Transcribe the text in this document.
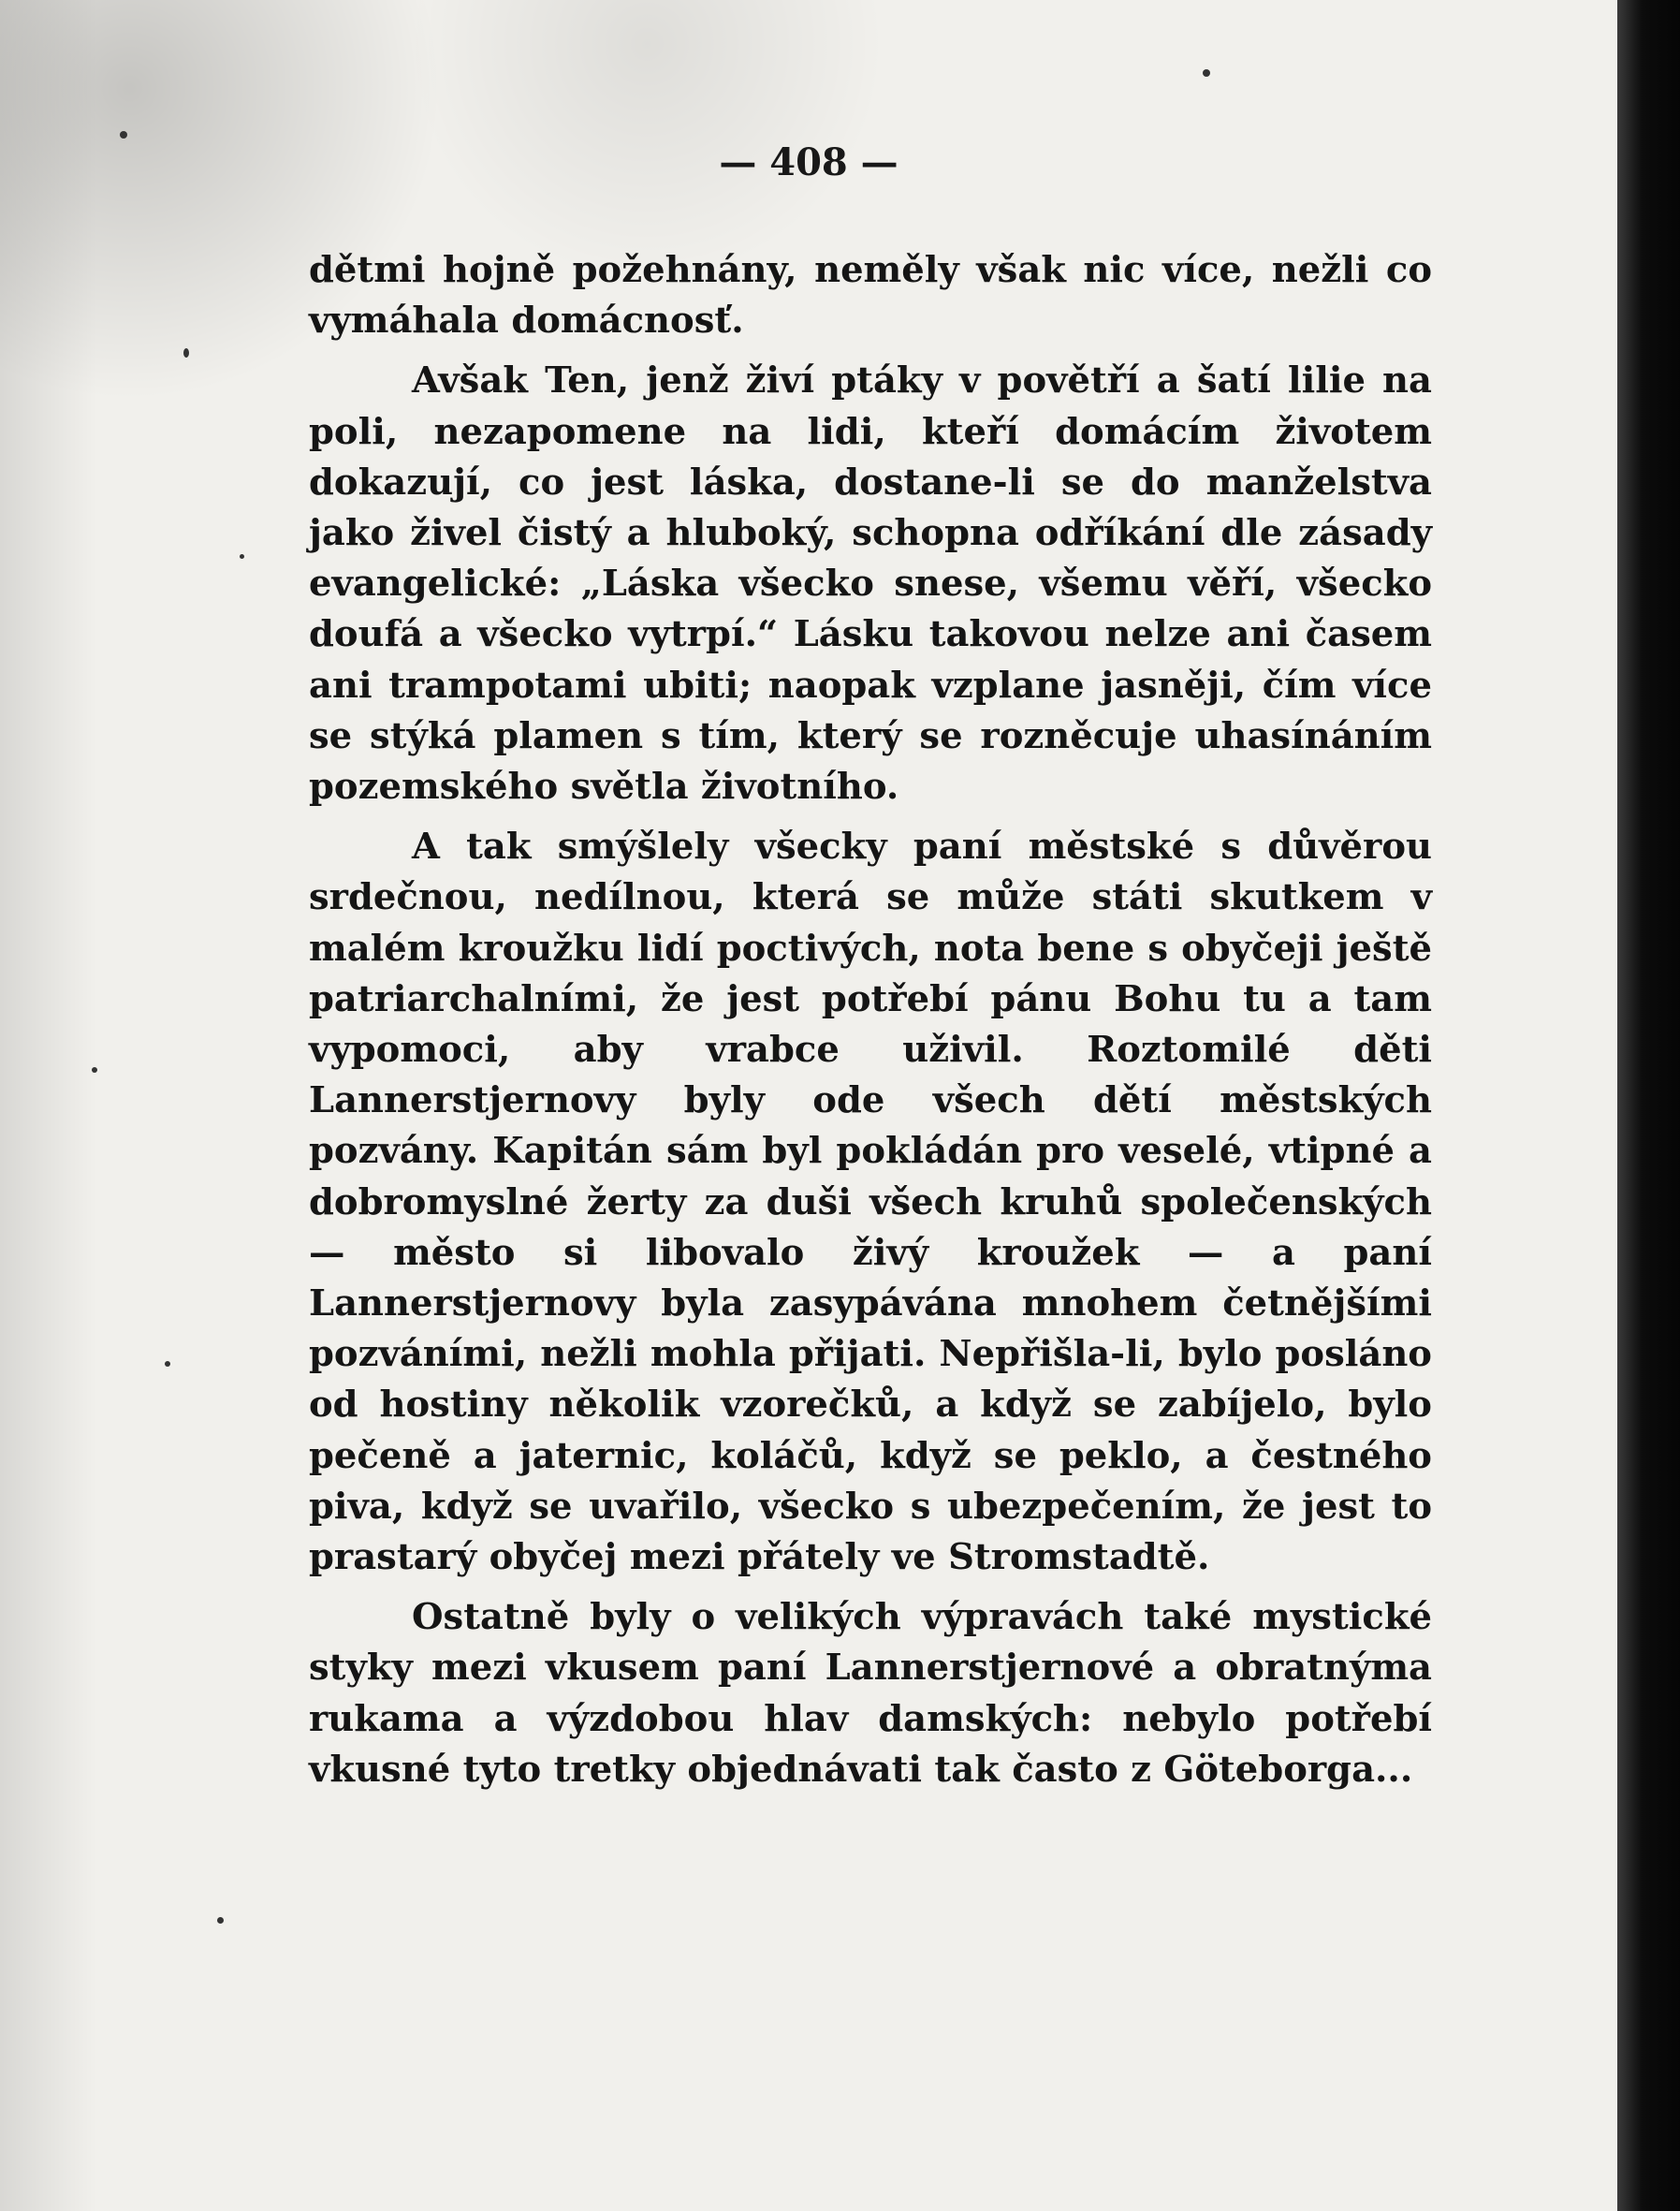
— 408 —

dětmi hojně požehnány, neměly však nic více, nežli co vymáhala domácnosť.

Avšak Ten, jenž živí ptáky v povětří a šatí lilie na poli, nezapomene na lidi, kteří domácím životem dokazují, co jest láska, dostane-li se do manželstva jako živel čistý a hluboký, schopna odříkání dle zásady evangelické: „Láska všecko snese, všemu věří, všecko doufá a všecko vytrpí.“ Lásku takovou nelze ani časem ani trampotami ubiti; naopak vzplane jasněji, čím více se stýká plamen s tím, který se rozněcuje uhasínáním pozemského světla životního.

A tak smýšlely všecky paní městské s důvěrou srdečnou, nedílnou, která se může státi skutkem v malém kroužku lidí poctivých, nota bene s obyčeji ještě patriarchalními, že jest potřebí pánu Bohu tu a tam vypomoci, aby vrabce uživil. Roztomilé děti Lannerstjernovy byly ode všech dětí městských pozvány. Kapitán sám byl pokládán pro veselé, vtipné a dobromyslné žerty za duši všech kruhů společenských — město si libovalo živý kroužek — a paní Lannerstjernovy byla zasypávána mnohem četnějšími pozváními, nežli mohla přijati. Nepřišla-li, bylo posláno od hostiny několik vzorečků, a když se zabíjelo, bylo pečeně a jaternic, koláčů, když se peklo, a čestného piva, když se uvařilo, všecko s ubezpečením, že jest to prastarý obyčej mezi přátely ve Stromstadtě.

Ostatně byly o velikých výpravách také mystické styky mezi vkusem paní Lannerstjernové a obratnýma rukama a výzdobou hlav damských: nebylo potřebí vkusné tyto tretky objednávati tak často z Göteborga...
